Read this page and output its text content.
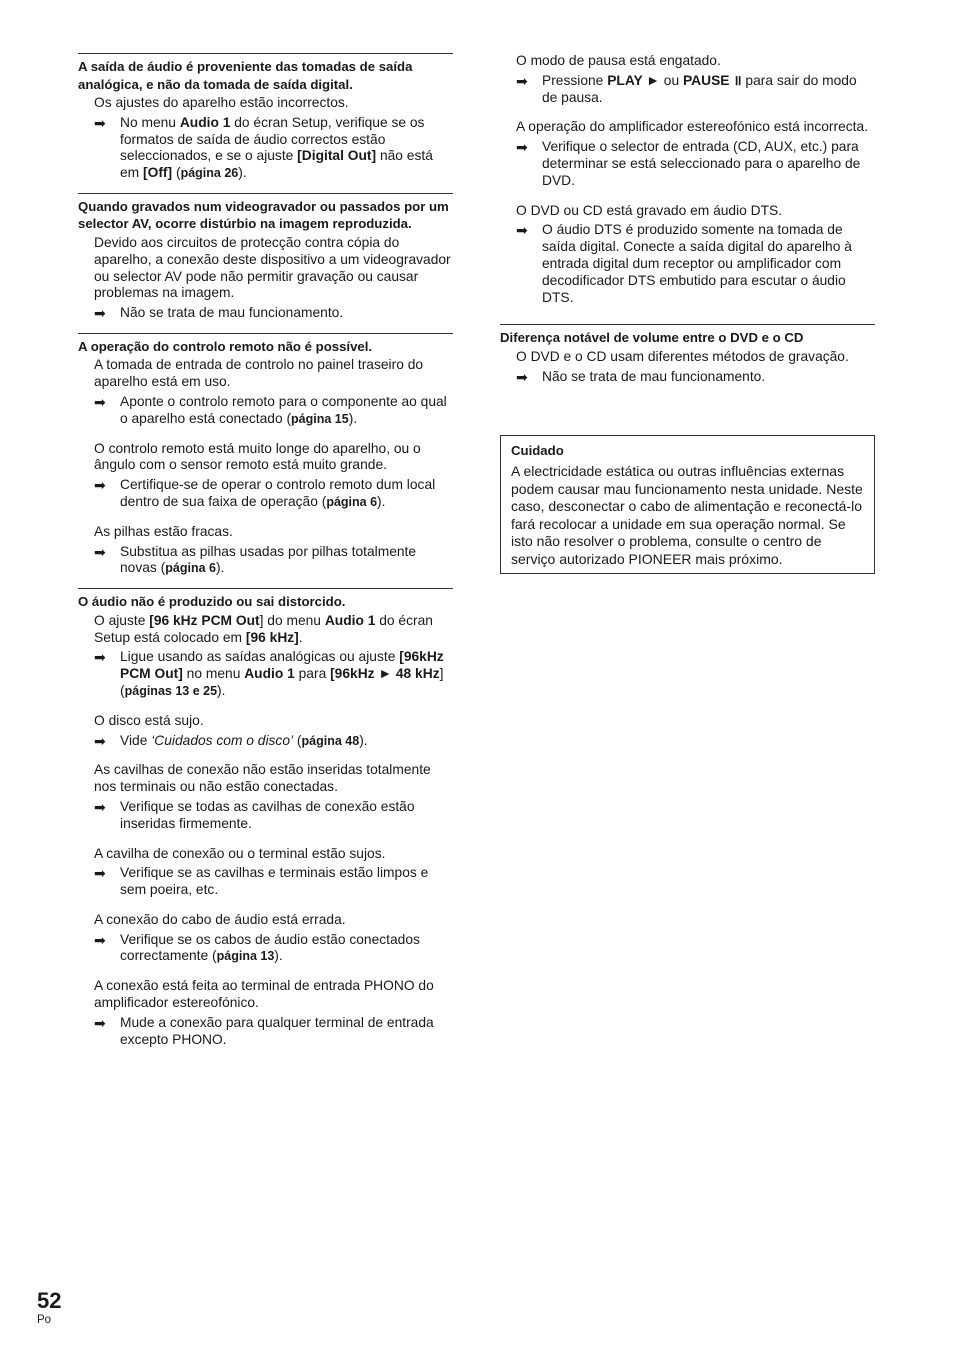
A saída de áudio é proveniente das tomadas de saída analógica, e não da tomada de saída digital.
Os ajustes do aparelho estão incorrectos.
➡ No menu Audio 1 do écran Setup, verifique se os formatos de saída de áudio correctos estão seleccionados, e se o ajuste [Digital Out] não está em [Off] (página 26).
Quando gravados num videogravador ou passados por um selector AV, ocorre distúrbio na imagem reproduzida.
Devido aos circuitos de protecção contra cópia do aparelho, a conexão deste dispositivo a um videogravador ou selector AV pode não permitir gravação ou causar problemas na imagem.
➡ Não se trata de mau funcionamento.
A operação do controlo remoto não é possível.
A tomada de entrada de controlo no painel traseiro do aparelho está em uso.
➡ Aponte o controlo remoto para o componente ao qual o aparelho está conectado (página 15).
O controlo remoto está muito longe do aparelho, ou o ângulo com o sensor remoto está muito grande.
➡ Certifique-se de operar o controlo remoto dum local dentro de sua faixa de operação (página 6).
As pilhas estão fracas.
➡ Substitua as pilhas usadas por pilhas totalmente novas (página 6).
O áudio não é produzido ou sai distorcido.
O ajuste [96 kHz PCM Out] do menu Audio 1 do écran Setup está colocado em [96 kHz].
➡ Ligue usando as saídas analógicas ou ajuste [96kHz PCM Out] no menu Audio 1 para [96kHz ► 48 kHz] (páginas 13 e 25).
O disco está sujo.
➡ Vide ‘Cuidados com o disco’ (página 48).
As cavilhas de conexão não estão inseridas totalmente nos terminais ou não estão conectadas.
➡ Verifique se todas as cavilhas de conexão estão inseridas firmemente.
A cavilha de conexão ou o terminal estão sujos.
➡ Verifique se as cavilhas e terminais estão limpos e sem poeira, etc.
A conexão do cabo de áudio está errada.
➡ Verifique se os cabos de áudio estão conectados correctamente (página 13).
A conexão está feita ao terminal de entrada PHONO do amplificador estereofónico.
➡ Mude a conexão para qualquer terminal de entrada excepto PHONO.
O modo de pausa está engatado.
➡ Pressione PLAY ► ou PAUSE ॥ para sair do modo de pausa.
A operação do amplificador estereofónico está incorrecta.
➡ Verifique o selector de entrada (CD, AUX, etc.) para determinar se está seleccionado para o aparelho de DVD.
O DVD ou CD está gravado em áudio DTS.
➡ O áudio DTS é produzido somente na tomada de saída digital. Conecte a saída digital do aparelho à entrada digital dum receptor ou amplificador com decodificador DTS embutido para escutar o áudio DTS.
Diferença notável de volume entre o DVD e o CD
O DVD e o CD usam diferentes métodos de gravação.
➡ Não se trata de mau funcionamento.
Cuidado
A electricidade estática ou outras influências externas podem causar mau funcionamento nesta unidade. Neste caso, desconectar o cabo de alimentação e reconectá-lo fará recolocar a unidade em sua operação normal. Se isto não resolver o problema, consulte o centro de serviço autorizado PIONEER mais próximo.
52
Po
